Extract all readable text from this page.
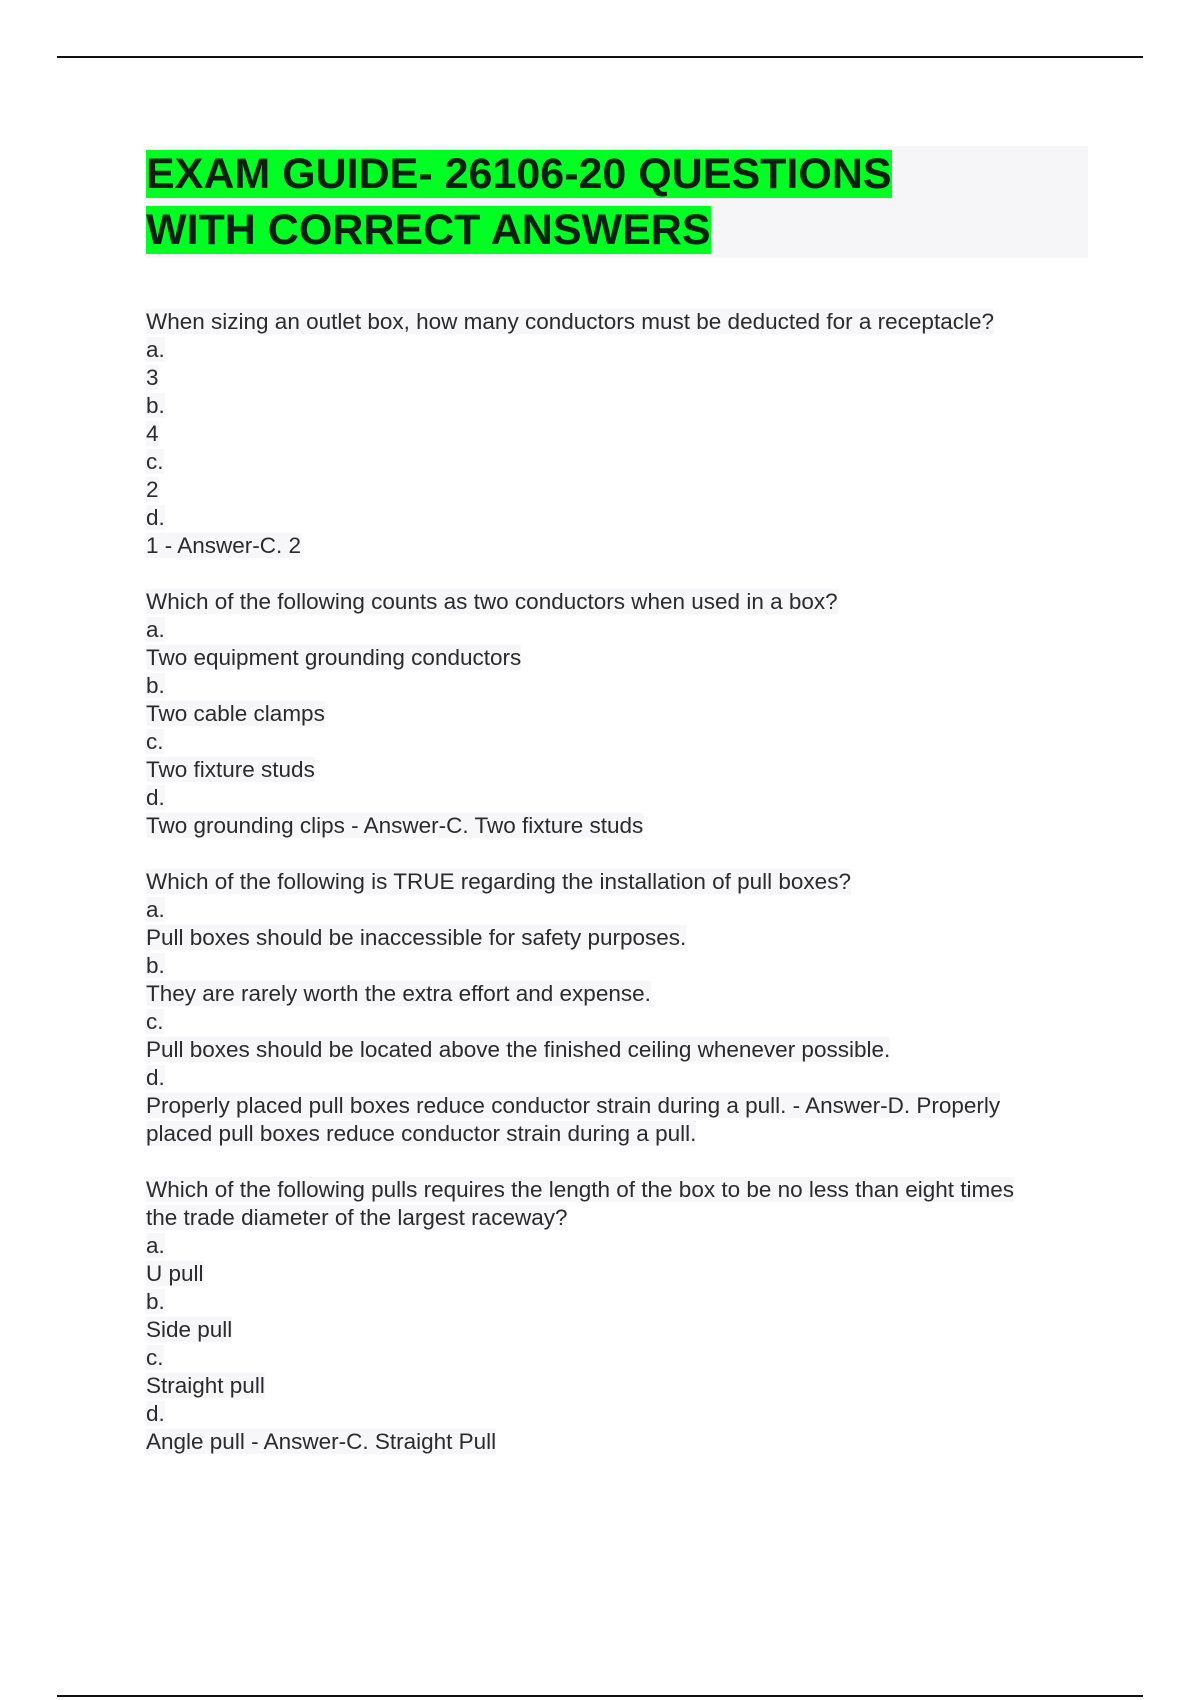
EXAM GUIDE- 26106-20 QUESTIONS
WITH CORRECT ANSWERS
When sizing an outlet box, how many conductors must be deducted for a receptacle?
a.
3
b.
4
c.
2
d.
1 - Answer-C. 2
Which of the following counts as two conductors when used in a box?
a.
Two equipment grounding conductors
b.
Two cable clamps
c.
Two fixture studs
d.
Two grounding clips - Answer-C. Two fixture studs
Which of the following is TRUE regarding the installation of pull boxes?
a.
Pull boxes should be inaccessible for safety purposes.
b.
They are rarely worth the extra effort and expense.
c.
Pull boxes should be located above the finished ceiling whenever possible.
d.
Properly placed pull boxes reduce conductor strain during a pull. - Answer-D. Properly
placed pull boxes reduce conductor strain during a pull.
Which of the following pulls requires the length of the box to be no less than eight times
the trade diameter of the largest raceway?
a.
U pull
b.
Side pull
c.
Straight pull
d.
Angle pull - Answer-C. Straight Pull
